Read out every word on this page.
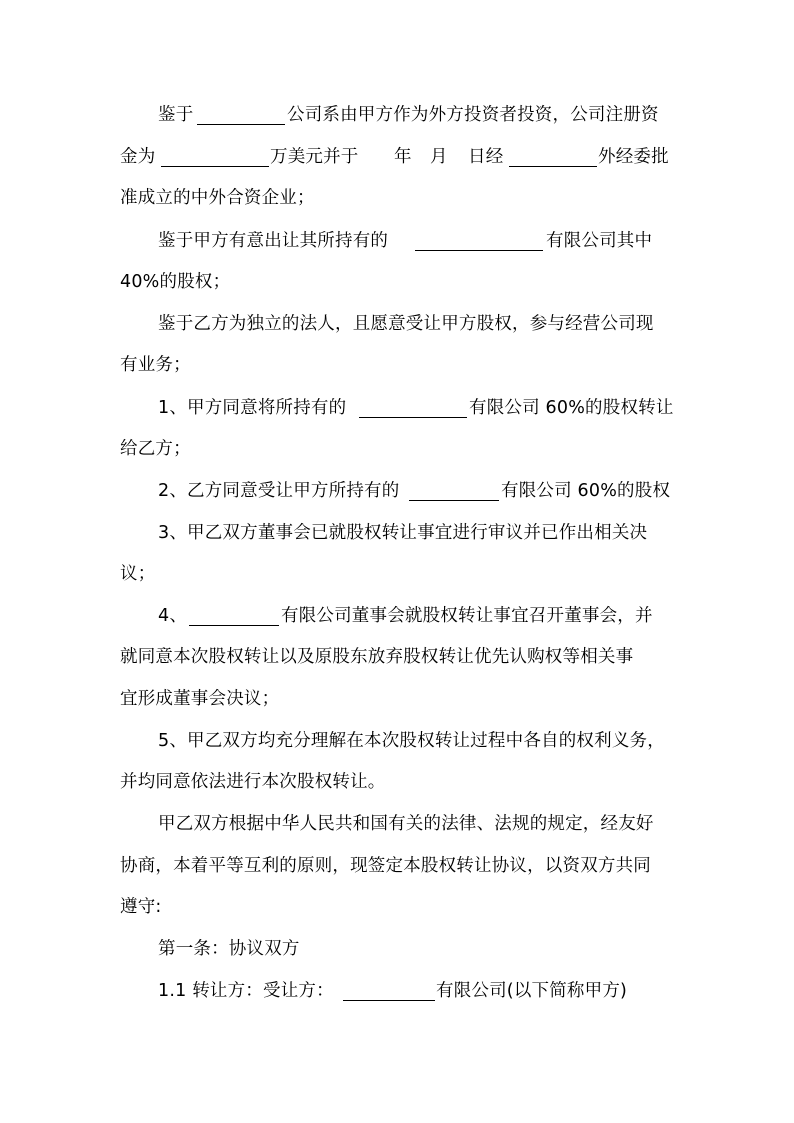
鉴于	公司系由甲方作为外方投资者投资，公司注册资
金为	万美元并于 年 月 日经	外经委批
准成立的中外合资企业；
鉴于甲方有意出让其所持有的	有限公司其中
40%的股权；
鉴于乙方为独立的法人，且愿意受让甲方股权，参与经营公司现
有业务；
1、甲方同意将所持有的	有限公司 60%的股权转让
给乙方；
2、乙方同意受让甲方所持有的	有限公司 60%的股权
3、甲乙双方董事会已就股权转让事宜进行审议并已作出相关决
议；
4、	有限公司董事会就股权转让事宜召开董事会，并
就同意本次股权转让以及原股东放弃股权转让优先认购权等相关事
宜形成董事会决议；
5、甲乙双方均充分理解在本次股权转让过程中各自的权利义务，
并均同意依法进行本次股权转让。
甲乙双方根据中华人民共和国有关的法律、法规的规定，经友好
协商，本着平等互利的原则，现签定本股权转让协议，以资双方共同
遵守:
第一条：协议双方
1.1 转让方：受让方：	有限公司(以下简称甲方)
